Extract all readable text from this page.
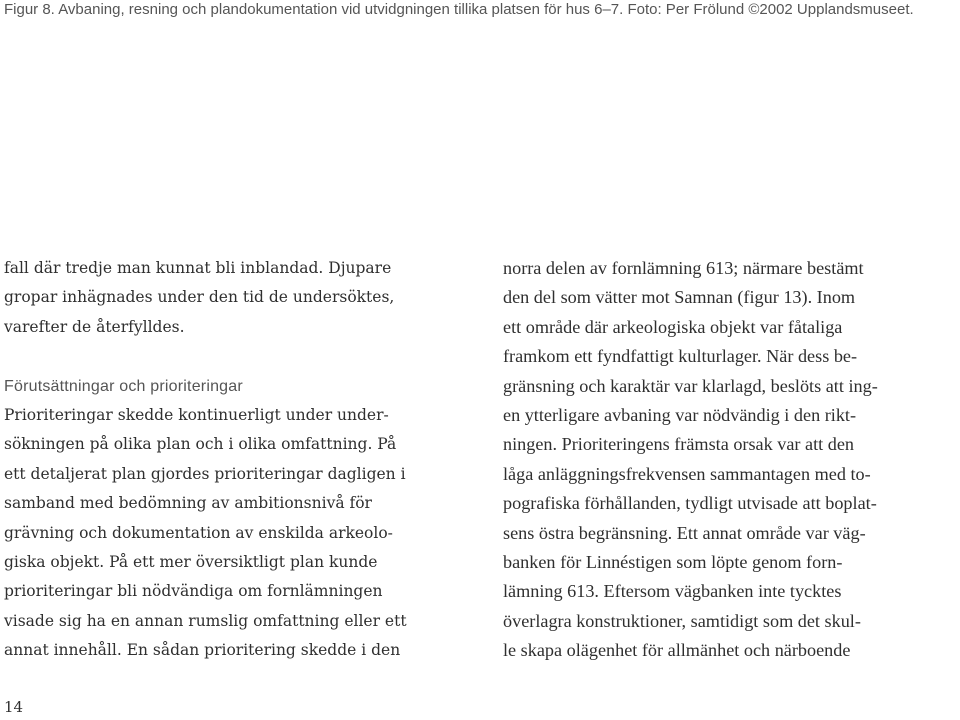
Figur 8. Avbaning, resning och plandokumentation vid utvidgningen tillika platsen för hus 6–7. Foto: Per Frölund ©2002 Upplandsmuseet.
fall där tredje man kunnat bli inblandad. Djupare
gropar inhägnades under den tid de undersöktes,
varefter de återfylldes.
Förutsättningar och prioriteringar
Prioriteringar skedde kontinuerligt under under-
sökningen på olika plan och i olika omfattning. På
ett detaljerat plan gjordes prioriteringar dagligen i
samband med bedömning av ambitionsnivå för
grävning och dokumentation av enskilda arkeolo-
giska objekt. På ett mer översiktligt plan kunde
prioriteringar bli nödvändiga om fornlämningen
visade sig ha en annan rumslig omfattning eller ett
annat innehåll. En sådan prioritering skedde i den
norra delen av fornlämning 613; närmare bestämt
den del som vätter mot Samnan (figur 13). Inom
ett område där arkeologiska objekt var fåtaliga
framkom ett fyndfattigt kulturlager. När dess be-
gränsning och karaktär var klarlagd, beslöts att ing-
en ytterligare avbaning var nödvändig i den rikt-
ningen. Prioriteringens främsta orsak var att den
låga anläggningsfrekvensen sammantagen med to-
pografiska förhållanden, tydligt utvisade att boplat-
sens östra begränsning. Ett annat område var väg-
banken för Linnéstigen som löpte genom forn-
lämning 613. Eftersom vägbanken inte tycktes
överlagra konstruktioner, samtidigt som det skul-
le skapa olägenhet för allmänhet och närboende
14
